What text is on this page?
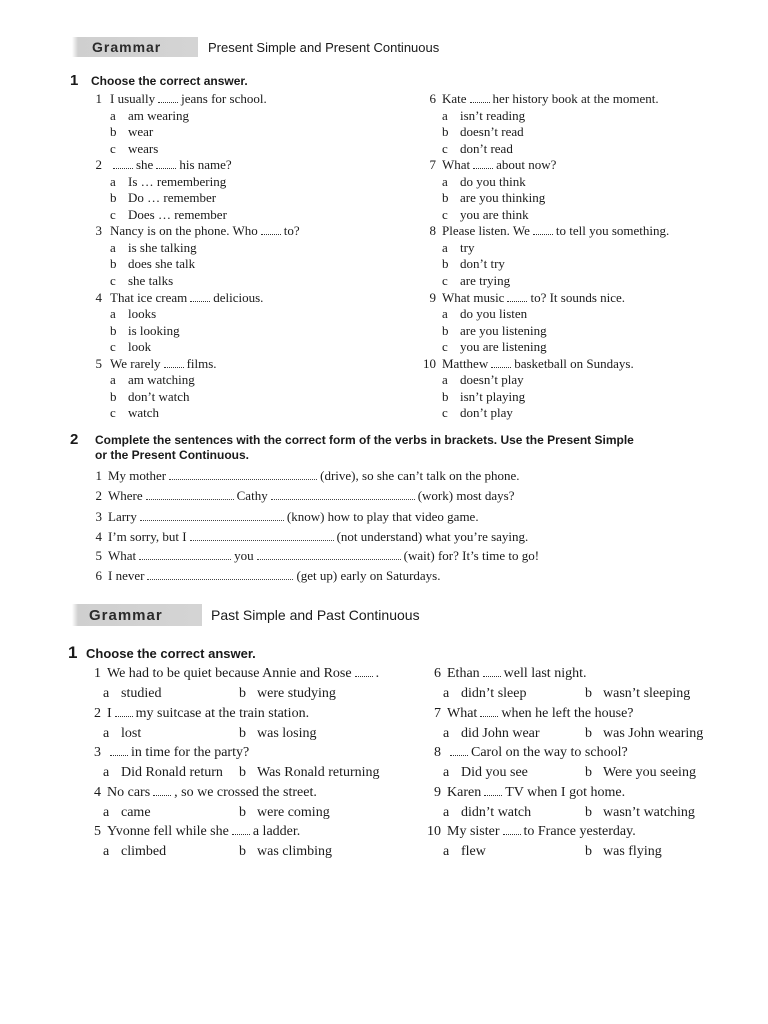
Grammar	Present Simple and Present Continuous
1 Choose the correct answer.
1 I usually jeans for school.
a am wearing
b wear
c wears
2	she his name?
a Is … remembering
b Do … remember
c Does … remember
3 Nancy is on the phone. Who to?
a is she talking
b does she talk
c she talks
4 That ice cream delicious.
a looks
b is looking
c look
5 We rarely films.
a am watching
b don’t watch
c watch
6 Kate her history book at the moment.
a isn’t reading
b doesn’t read
c don’t read
7 What about now?
a do you think
b are you thinking
c you are think
8 Please listen. We to tell you something.
a try
b don’t try
c are trying
9 What music to? It sounds nice.
a do you listen
b are you listening
c you are listening
10 Matthew basketball on Sundays.
a doesn’t play
b isn’t playing
c don’t play
2 Complete the sentences with the correct form of the verbs in brackets. Use the Present Simple
or the Present Continuous.
1 My mother	(drive), so she can’t talk on the phone.
2 Where	Cathy	(work) most days?
3 Larry	(know) how to play that video game.
4 I’m sorry, but I	(not understand) what you’re saying.
5 What	you	(wait) for? It’s time to go!
6 I never	(get up) early on Saturdays.
Grammar	Past Simple and Past Continuous
1 Choose the correct answer.
1 We had to be quiet because Annie and Rose .
a studied	b were studying
2 I my suitcase at the train station.
a lost	b was losing
3	in time for the party?
a Did Ronald return b Was Ronald returning
4 No cars , so we crossed the street.
a came	b were coming
5 Yvonne fell while she a ladder.
a climbed	b was climbing
6 Ethan well last night.
a didn’t sleep	b wasn’t sleeping
7 What when he left the house?
a did John wear	b was John wearing
8	Carol on the way to school?
a Did you see	b Were you seeing
9 Karen TV when I got home.
a didn’t watch	b wasn’t watching
10 My sister to France yesterday.
a flew	b was flying
